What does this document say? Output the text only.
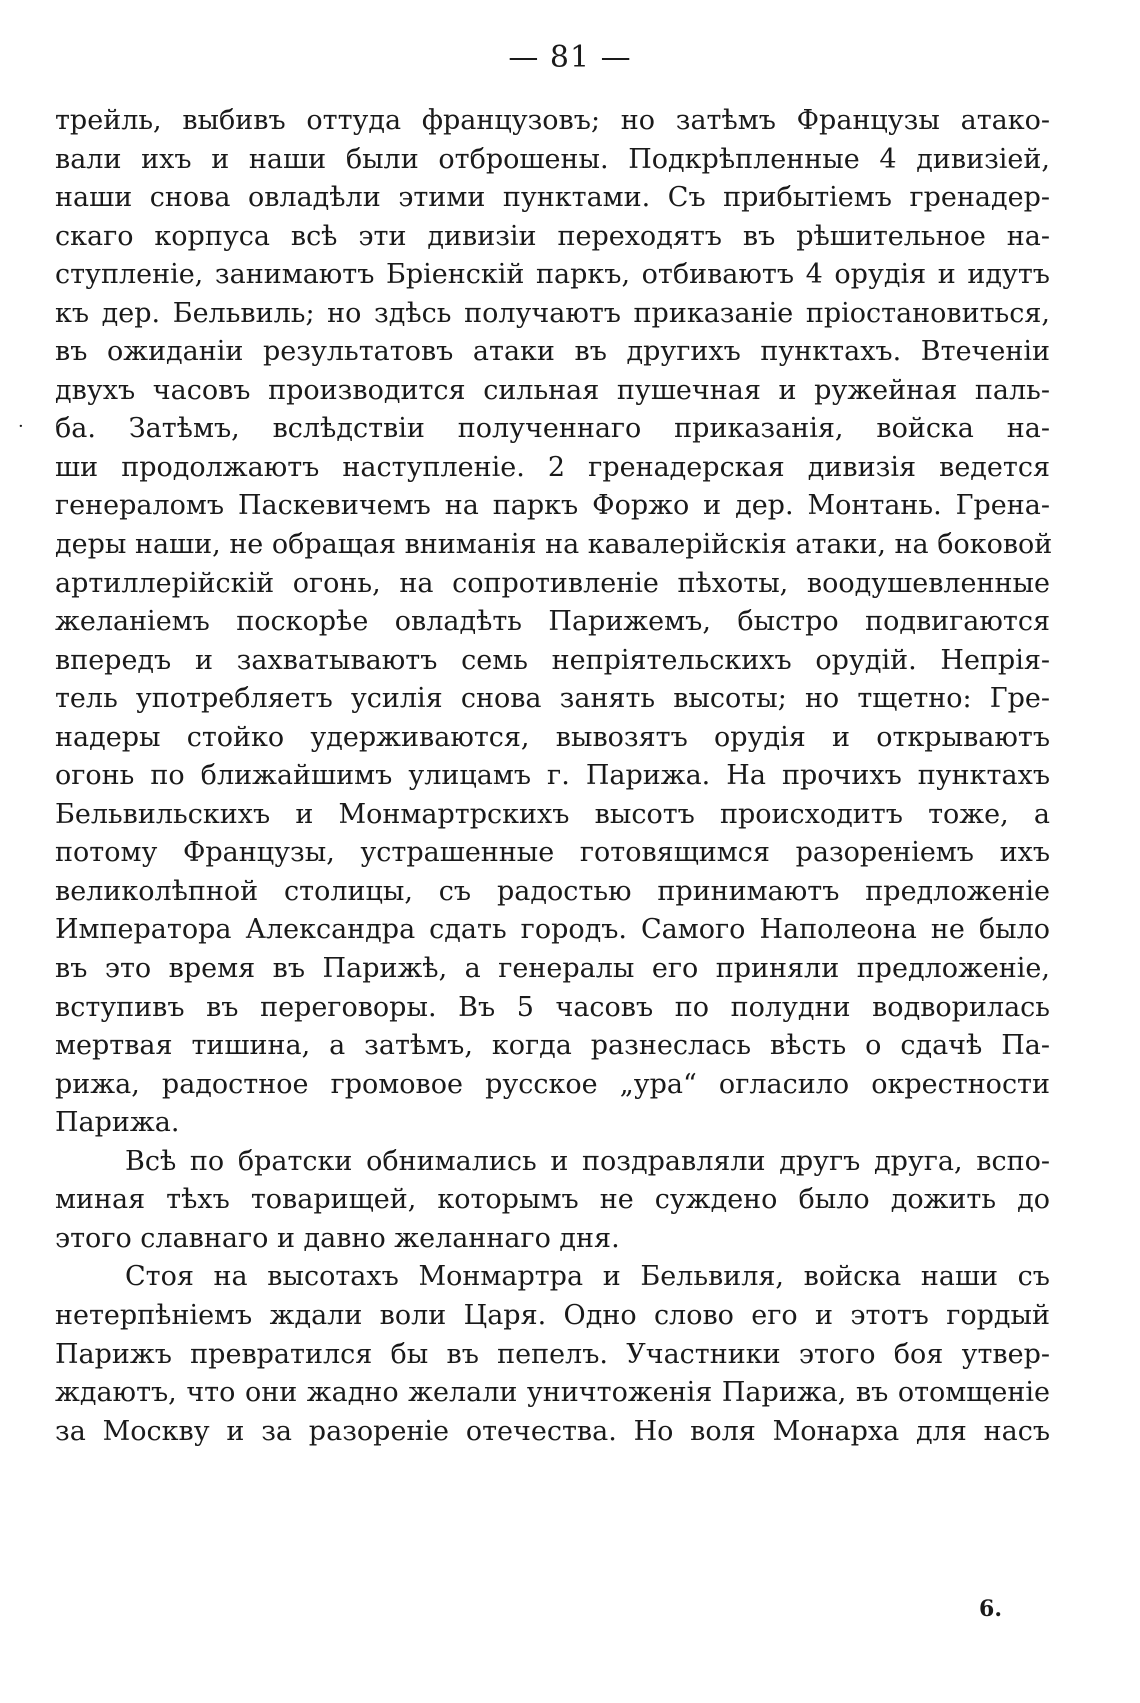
— 81 —
·
трейль, выбивъ оттуда французовъ; но затѣмъ Французы атако-
вали ихъ и наши были отброшены. Подкрѣпленные 4 дивизіей,
наши снова овладѣли этими пунктами. Съ прибытіемъ гренадер-
скаго корпуса всѣ эти дивизіи переходятъ въ рѣшительное на-
ступленіе, занимаютъ Бріенскій паркъ, отбиваютъ 4 орудія и идутъ
къ дер. Бельвиль; но здѣсь получаютъ приказаніе пріостановиться,
въ ожиданіи результатовъ атаки въ другихъ пунктахъ. Втеченіи
двухъ часовъ производится сильная пушечная и ружейная паль-
ба. Затѣмъ, вслѣдствіи полученнаго приказанія, войска на-
ши продолжаютъ наступленіе. 2 гренадерская дивизія ведется
генераломъ Паскевичемъ на паркъ Форжо и дер. Монтань. Грена-
деры наши, не обращая вниманія на кавалерійскія атаки, на боковой
артиллерійскій огонь, на сопротивленіе пѣхоты, воодушевленные
желаніемъ поскорѣе овладѣть Парижемъ, быстро подвигаются
впередъ и захватываютъ семь непріятельскихъ орудій. Непрія-
тель употребляетъ усилія снова занять высоты; но тщетно: Гре-
надеры стойко удерживаются, вывозятъ орудія и открываютъ
огонь по ближайшимъ улицамъ г. Парижа. На прочихъ пунктахъ
Бельвильскихъ и Монмартрскихъ высотъ происходитъ тоже, а
потому Французы, устрашенные готовящимся разореніемъ ихъ
великолѣпной столицы, съ радостью принимаютъ предложеніе
Императора Александра сдать городъ. Самого Наполеона не было
въ это время въ Парижѣ, а генералы его приняли предложеніе,
вступивъ въ переговоры. Въ 5 часовъ по полудни водворилась
мертвая тишина, а затѣмъ, когда разнеслась вѣсть о сдачѣ Па-
рижа, радостное громовое русское „ура“ огласило окрестности
Парижа.
Всѣ по братски обнимались и поздравляли другъ друга, вспо-
миная тѣхъ товарищей, которымъ не суждено было дожить до
этого славнаго и давно желаннаго дня.
Стоя на высотахъ Монмартра и Бельвиля, войска наши съ
нетерпѣніемъ ждали воли Царя. Одно слово его и этотъ гордый
Парижъ превратился бы въ пепелъ. Участники этого боя утвер-
ждаютъ, что они жадно желали уничтоженія Парижа, въ отомщеніе
за Москву и за разореніе отечества. Но воля Монарха для насъ
6.
